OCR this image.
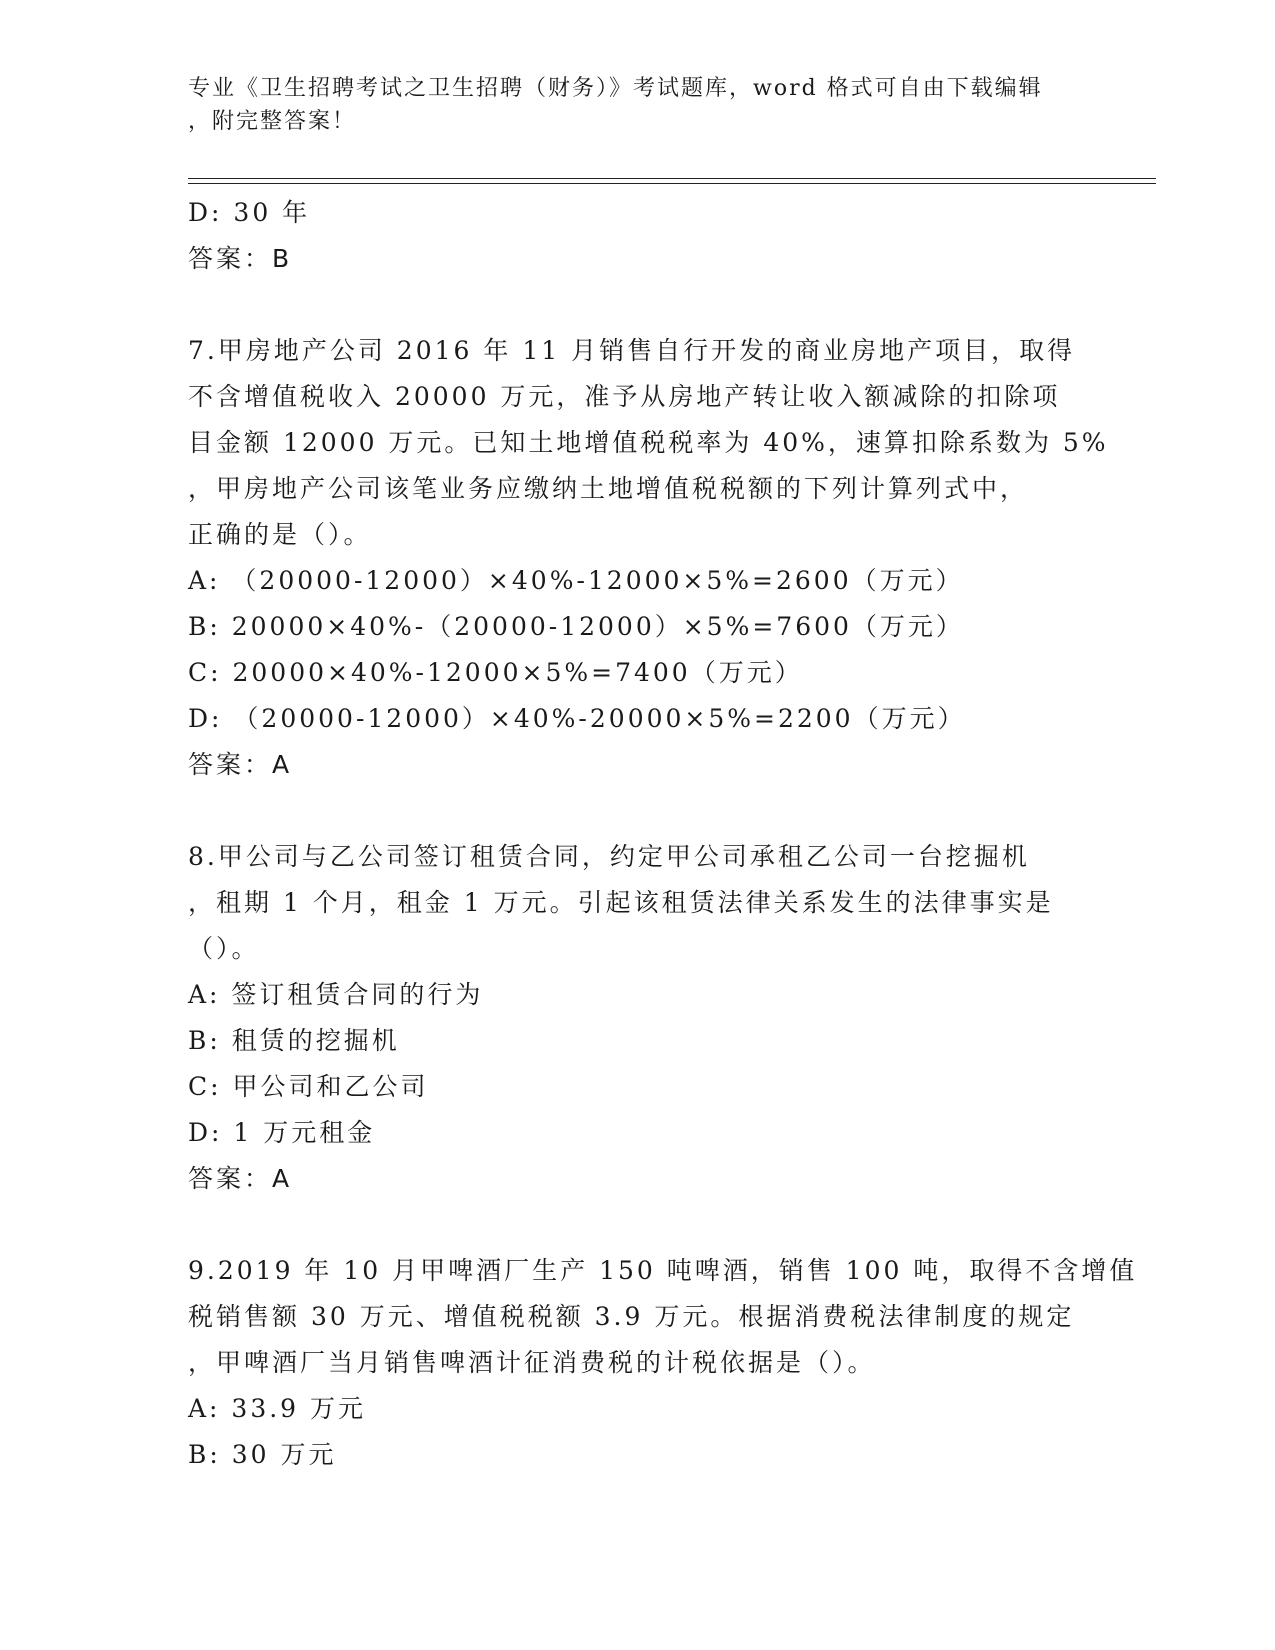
专业《卫生招聘考试之卫生招聘（财务）》考试题库，word 格式可自由下载编辑
，附完整答案！
D: 30 年
答案：B
7.甲房地产公司 2016 年 11 月销售自行开发的商业房地产项目，取得
不含增值税收入 20000 万元，准予从房地产转让收入额减除的扣除项
目金额 12000 万元。已知土地增值税税率为 40%，速算扣除系数为 5%
，甲房地产公司该笔业务应缴纳土地增值税税额的下列计算列式中，
正确的是（）。
A: （20000-12000）×40%-12000×5%=2600（万元）
B: 20000×40%-（20000-12000）×5%=7600（万元）
C: 20000×40%-12000×5%=7400（万元）
D: （20000-12000）×40%-20000×5%=2200（万元）
答案：A
8.甲公司与乙公司签订租赁合同，约定甲公司承租乙公司一台挖掘机
，租期 1 个月，租金 1 万元。引起该租赁法律关系发生的法律事实是
（）。
A: 签订租赁合同的行为
B: 租赁的挖掘机
C: 甲公司和乙公司
D: 1 万元租金
答案：A
9.2019 年 10 月甲啤酒厂生产 150 吨啤酒，销售 100 吨，取得不含增值
税销售额 30 万元、增值税税额 3.9 万元。根据消费税法律制度的规定
，甲啤酒厂当月销售啤酒计征消费税的计税依据是（）。
A: 33.9 万元
B: 30 万元
